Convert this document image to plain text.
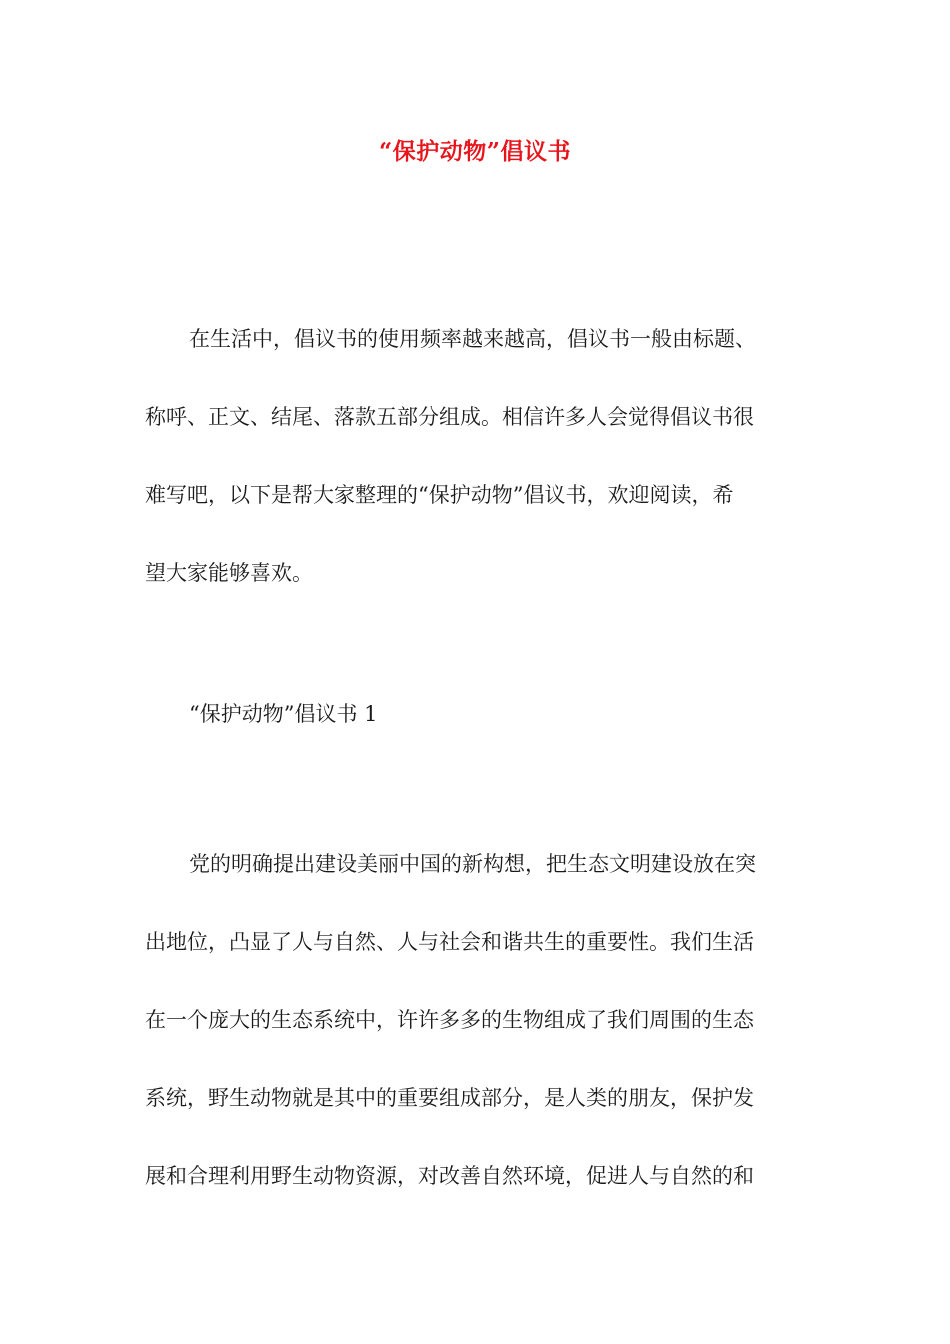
“保护动物”倡议书
在生活中，倡议书的使用频率越来越高，倡议书一般由标题、
称呼、正文、结尾、落款五部分组成。相信许多人会觉得倡议书很
难写吧，以下是帮大家整理的“保护动物”倡议书，欢迎阅读，希
望大家能够喜欢。
“保护动物”倡议书 1
党的明确提出建设美丽中国的新构想，把生态文明建设放在突
出地位，凸显了人与自然、人与社会和谐共生的重要性。我们生活
在一个庞大的生态系统中，许许多多的生物组成了我们周围的生态
系统，野生动物就是其中的重要组成部分，是人类的朋友，保护发
展和合理利用野生动物资源，对改善自然环境，促进人与自然的和
